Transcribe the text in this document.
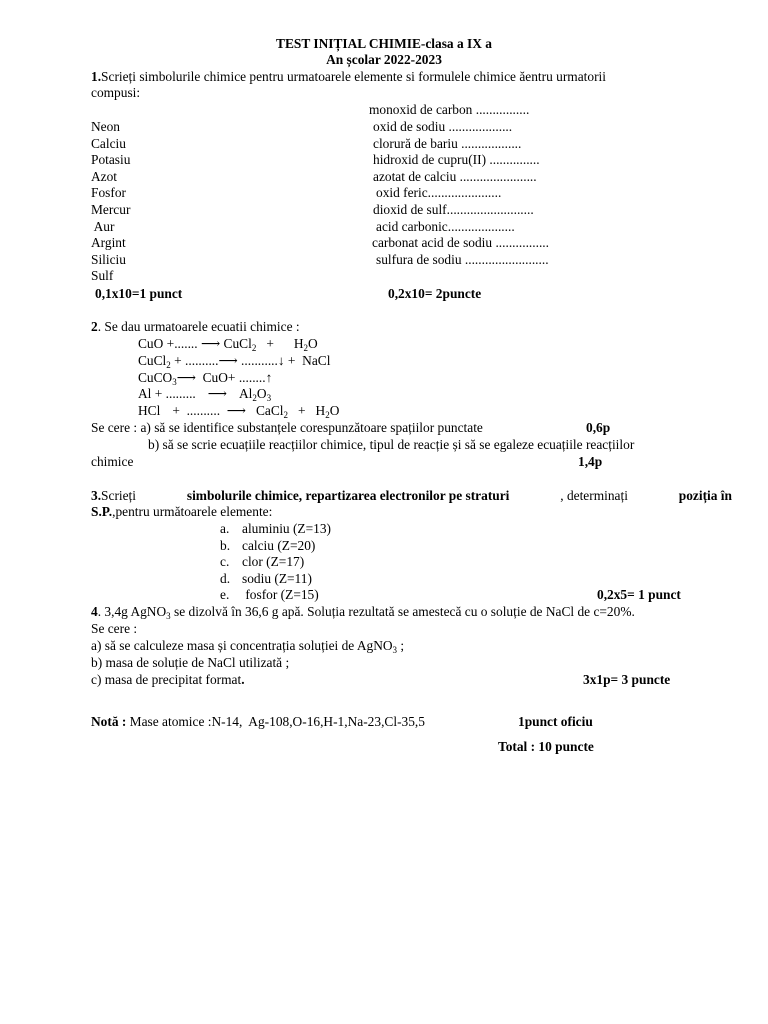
TEST INIȚIAL CHIMIE-clasa a IX a
An școlar 2022-2023
1.Scrieți simbolurile chimice pentru urmatoarele elemente si formulele chimice ăentru urmatorii
compusi:
Neon
Calciu
Potasiu
Azot
Fosfor
Mercur
Aur
Argint
Siliciu
Sulf
monoxid de carbon ................
oxid de sodiu ...................
clorură de bariu ..................
hidroxid de cupru(II) ...............
azotat de calciu .......................
oxid feric......................
dioxid de sulf..........................
acid carbonic....................
carbonat acid de sodiu ................
sulfura de sodiu .........................
0,1x10=1 punct	0,2x10= 2puncte
2. Se dau urmatoarele ecuatii chimice :
CuO +....... ⟶ CuCl$_2$ + $H_2O$
CuCl$_2$ + ..........⟶ ...........↓ +  NaCl
CuCO$_3$⟶  CuO+ ........↑
Al + ......... ⟶ $Al_2O_3$
HCl +  ..........  ⟶ CaCl$_2$ + $H_2O$
Se cere : a) să se identifice substanțele corespunzătoare spațiilor punctate	0,6p
b) să se scrie ecuațiile reacțiilor chimice, tipul de reacție și să se egaleze ecuațiile reacțiilor
chimice	1,4p
3.Scrieți	simbolurile chimice, repartizarea electronilor pe straturi	, determinați	poziția în
S.P.,pentru următoarele elemente:
a. aluminiu (Z=13)
b. calciu (Z=20)
c. clor (Z=17)
d. sodiu (Z=11)
e. fosfor (Z=15)	0,2x5= 1 punct
4. 3,4g AgNO$_3$ se dizolvă în 36,6 g apă. Soluția rezultată se amestecă cu o soluție de NaCl de c=20%.
Se cere :
a) să se calculeze masa și concentrația soluției de AgNO$_3$ ;
b) masa de soluție de NaCl utilizată ;
c) masa de precipitat format.	3x1p= 3 puncte
Notă : Mase atomice :N-14,  Ag-108,O-16,H-1,Na-23,Cl-35,5	1punct oficiu
Total : 10 puncte
